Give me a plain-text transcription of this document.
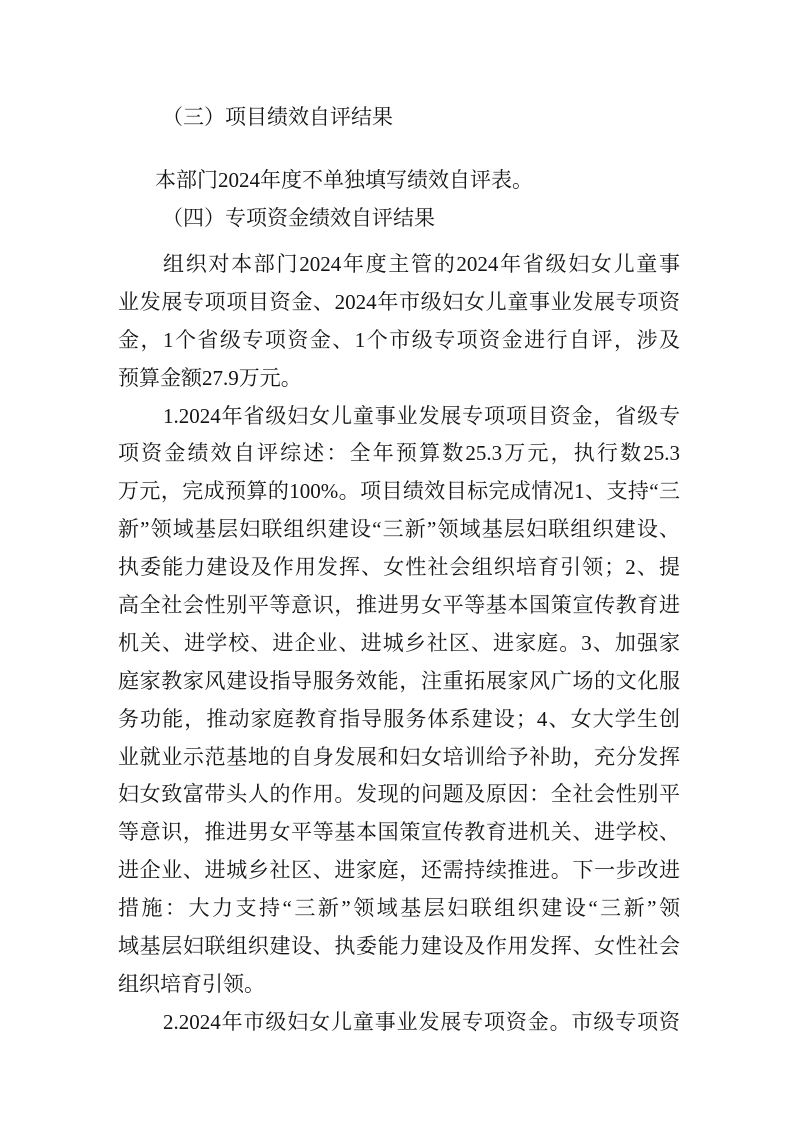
（三）项目绩效自评结果
本部门2024年度不单独填写绩效自评表。
（四）专项资金绩效自评结果
组织对本部门2024年度主管的2024年省级妇女儿童事
业发展专项项目资金、2024年市级妇女儿童事业发展专项资
金，1个省级专项资金、1个市级专项资金进行自评，涉及
预算金额27.9万元。
1.2024年省级妇女儿童事业发展专项项目资金，省级专
项资金绩效自评综述：全年预算数25.3万元，执行数25.3
万元，完成预算的100%。项目绩效目标完成情况1、支持“三
新”领域基层妇联组织建设“三新”领域基层妇联组织建设、
执委能力建设及作用发挥、女性社会组织培育引领；2、提
高全社会性别平等意识，推进男女平等基本国策宣传教育进
机关、进学校、进企业、进城乡社区、进家庭。3、加强家
庭家教家风建设指导服务效能，注重拓展家风广场的文化服
务功能，推动家庭教育指导服务体系建设；4、女大学生创
业就业示范基地的自身发展和妇女培训给予补助，充分发挥
妇女致富带头人的作用。发现的问题及原因：全社会性别平
等意识，推进男女平等基本国策宣传教育进机关、进学校、
进企业、进城乡社区、进家庭，还需持续推进。下一步改进
措施：大力支持“三新”领域基层妇联组织建设“三新”领
域基层妇联组织建设、执委能力建设及作用发挥、女性社会
组织培育引领。
2.2024年市级妇女儿童事业发展专项资金。市级专项资
